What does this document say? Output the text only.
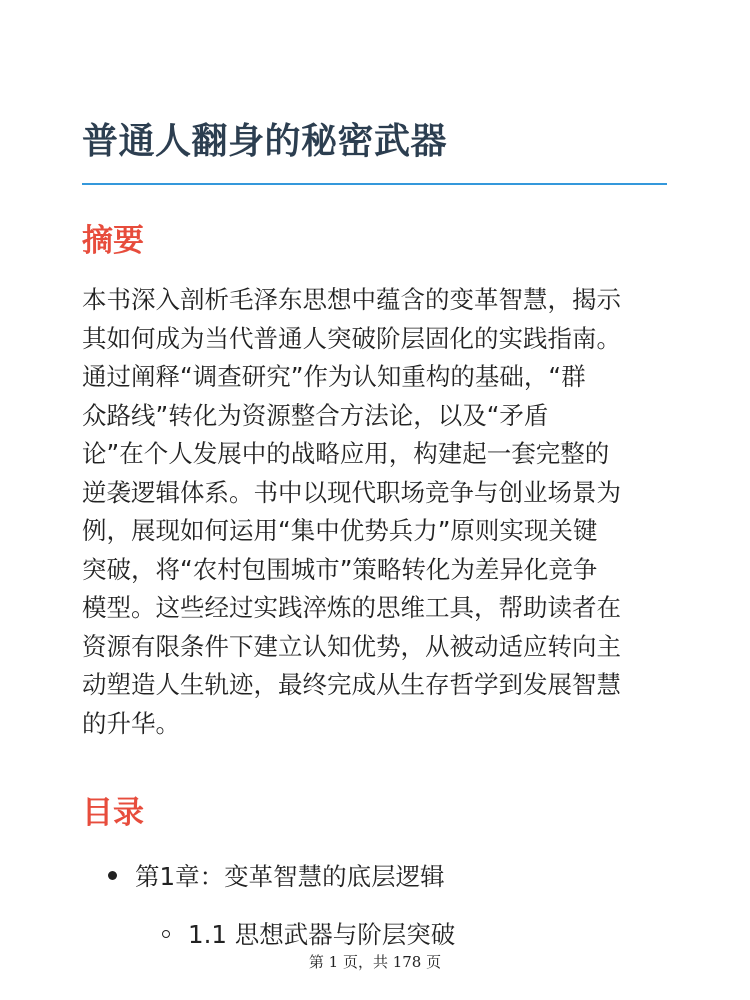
普通人翻身的秘密武器
摘要

本书深入剖析毛泽东思想中蕴含的变革智慧，揭示
其如何成为当代普通人突破阶层固化的实践指南。
通过阐释“调查研究”作为认知重构的基础，“群
众路线”转化为资源整合方法论，以及“矛盾
论”在个人发展中的战略应用，构建起一套完整的
逆袭逻辑体系。书中以现代职场竞争与创业场景为
例，展现如何运用“集中优势兵力”原则实现关键
突破，将“农村包围城市”策略转化为差异化竞争
模型。这些经过实践淬炼的思维工具，帮助读者在
资源有限条件下建立认知优势，从被动适应转向主
动塑造人生轨迹，最终完成从生存哲学到发展智慧
的升华。

目录
第1章：变革智慧的底层逻辑
1.1 思想武器与阶层突破
第 1 页，共 178 页
